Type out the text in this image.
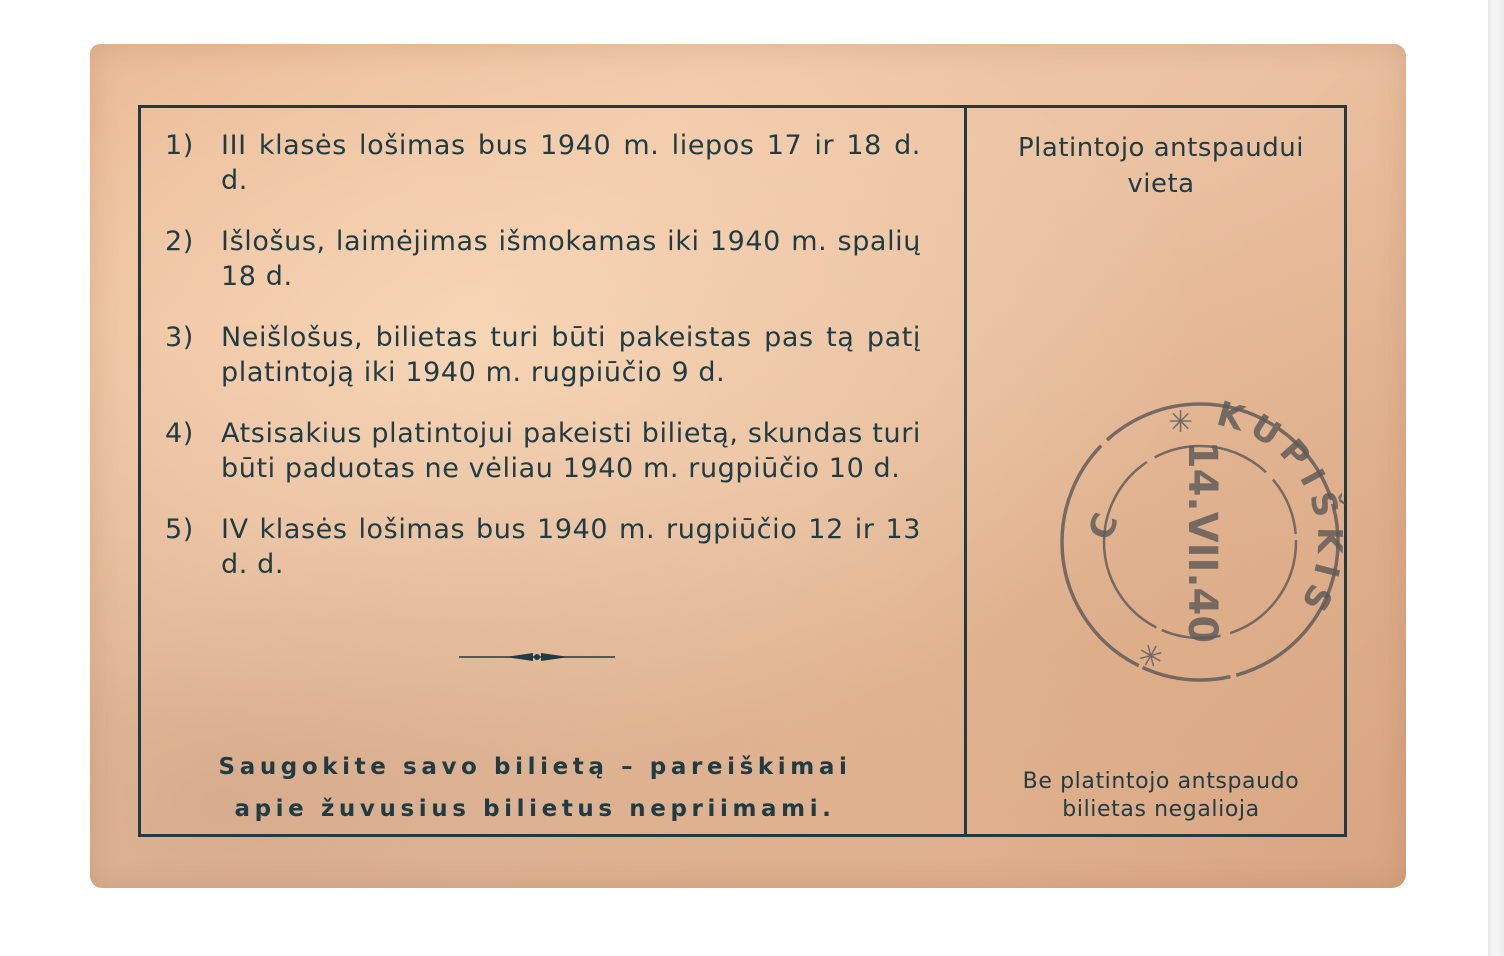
1)	III klasės lošimas bus 1940 m. liepos 17 ir 18 d. d.
2)	Išlošus, laimėjimas išmokamas iki 1940 m. spalių 18 d.
3)	Neišlošus, bilietas turi būti pakeistas pas tą patį platintoją iki 1940 m. rugpiūčio 9 d.
4)	Atsisakius platintojui pakeisti bilietą, skundas turi būti paduotas ne vėliau 1940 m. rugpiūčio 10 d.
5)	IV klasės lošimas bus 1940 m. rugpiūčio 12 ir 13 d. d.
Saugokite savo bilietą – pareiškimai
apie žuvusius bilietus nepriimami.
Platintojo antspaudui
vieta
Be platintojo antspaudo
bilietas negalioja
KUPIŠKIS
C 14.VII.40
✳
✳
